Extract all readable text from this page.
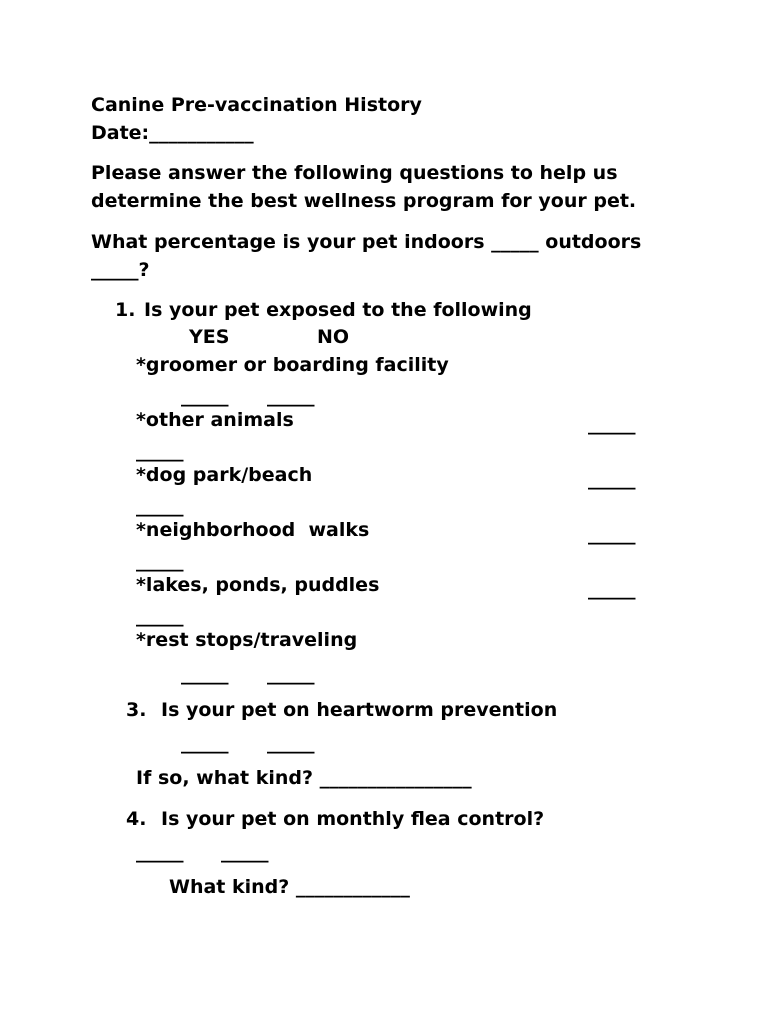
Canine Pre-vaccination History
Date:___________
Please answer the following questions to help us
determine the best wellness program for your pet.
What percentage is your pet indoors _____ outdoors
_____?
1. Is your pet exposed to the following
YES	NO
*groomer or boarding facility
_____ _____
*other animals	_____
_____
*dog park/beach	_____
_____
*neighborhood  walks	_____
_____
*lakes, ponds, puddles	_____
_____
*rest stops/traveling
_____ _____
3. Is your pet on heartworm prevention
_____ _____
If so, what kind? ________________
4. Is your pet on monthly flea control?
_____ _____
What kind? ____________
